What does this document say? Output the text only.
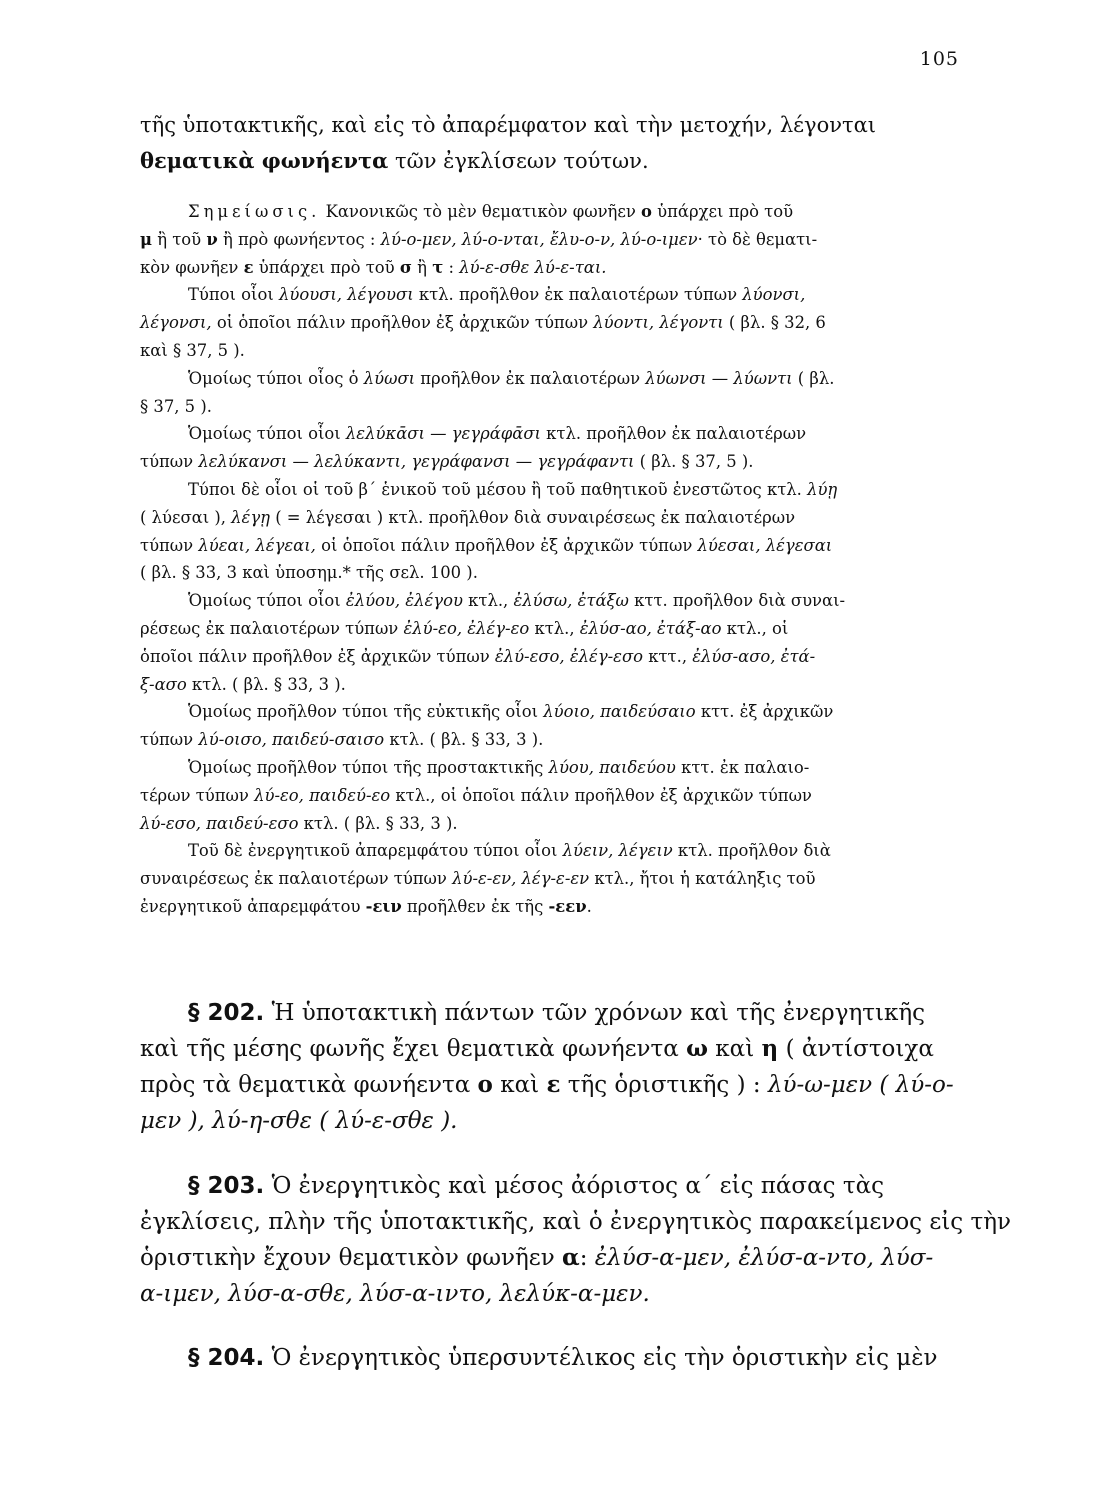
105
τῆς ὑποτακτικῆς, καὶ εἰς τὸ ἀπαρέμφατον καὶ τὴν μετοχήν, λέγονται
θεματικὰ φωνήεντα τῶν ἐγκλίσεων τούτων.
Σημείωσις. Κανονικῶς τὸ μὲν θεματικὸν φωνῆεν ο ὑπάρχει πρὸ τοῦ
μ ἢ τοῦ ν ἢ πρὸ φωνήεντος : λύ-ο-μεν, λύ-ο-νται, ἔλυ-ο-ν, λύ-ο-ιμεν· τὸ δὲ θεματι-
κὸν φωνῆεν ε ὑπάρχει πρὸ τοῦ σ ἢ τ : λύ-ε-σθε λύ-ε-ται.
Τύποι οἷοι λύουσι, λέγουσι κτλ. προῆλθον ἐκ παλαιοτέρων τύπων λύονσι,
λέγονσι, οἱ ὁποῖοι πάλιν προῆλθον ἐξ ἀρχικῶν τύπων λύοντι, λέγοντι ( βλ. § 32, 6
καὶ § 37, 5 ).
Ὁμοίως τύποι οἷος ὁ λύωσι προῆλθον ἐκ παλαιοτέρων λύωνσι — λύωντι ( βλ.
§ 37, 5 ).
Ὁμοίως τύποι οἷοι λελύκᾱσι — γεγράφᾱσι κτλ. προῆλθον ἐκ παλαιοτέρων
τύπων λελύκανσι — λελύκαντι, γεγράφανσι — γεγράφαντι ( βλ. § 37, 5 ).
Τύποι δὲ οἷοι οἱ τοῦ β΄ ἑνικοῦ τοῦ μέσου ἢ τοῦ παθητικοῦ ἐνεστῶτος κτλ. λύῃ
( λύεσαι ), λέγῃ ( = λέγεσαι ) κτλ. προῆλθον διὰ συναιρέσεως ἐκ παλαιοτέρων
τύπων λύεαι, λέγεαι, οἱ ὁποῖοι πάλιν προῆλθον ἐξ ἀρχικῶν τύπων λύεσαι, λέγεσαι
( βλ. § 33, 3 καὶ ὑποσημ.* τῆς σελ. 100 ).
Ὁμοίως τύποι οἷοι ἐλύου, ἐλέγου κτλ., ἐλύσω, ἐτάξω κττ. προῆλθον διὰ συναι-
ρέσεως ἐκ παλαιοτέρων τύπων ἐλύ-εο, ἐλέγ-εο κτλ., ἐλύσ-αο, ἐτάξ-αο κτλ., οἱ
ὁποῖοι πάλιν προῆλθον ἐξ ἀρχικῶν τύπων ἐλύ-εσο, ἐλέγ-εσο κττ., ἐλύσ-ασο, ἐτά-
ξ-ασο κτλ. ( βλ. § 33, 3 ).
Ὁμοίως προῆλθον τύποι τῆς εὐκτικῆς οἷοι λύοιο, παιδεύσαιο κττ. ἐξ ἀρχικῶν
τύπων λύ-οισο, παιδεύ-σαισο κτλ. ( βλ. § 33, 3 ).
Ὁμοίως προῆλθον τύποι τῆς προστακτικῆς λύου, παιδεύου κττ. ἐκ παλαιο-
τέρων τύπων λύ-εο, παιδεύ-εο κτλ., οἱ ὁποῖοι πάλιν προῆλθον ἐξ ἀρχικῶν τύπων
λύ-εσο, παιδεύ-εσο κτλ. ( βλ. § 33, 3 ).
Τοῦ δὲ ἐνεργητικοῦ ἀπαρεμφάτου τύποι οἷοι λύειν, λέγειν κτλ. προῆλθον διὰ
συναιρέσεως ἐκ παλαιοτέρων τύπων λύ-ε-εν, λέγ-ε-εν κτλ., ἤτοι ἡ κατάληξις τοῦ
ἐνεργητικοῦ ἀπαρεμφάτου -ειν προῆλθεν ἐκ τῆς -εεν.
§ 202. Ἡ ὑποτακτικὴ πάντων τῶν χρόνων καὶ τῆς ἐνεργητικῆς
καὶ τῆς μέσης φωνῆς ἔχει θεματικὰ φωνήεντα ω καὶ η ( ἀντίστοιχα
πρὸς τὰ θεματικὰ φωνήεντα ο καὶ ε τῆς ὁριστικῆς ) : λύ-ω-μεν ( λύ-ο-
μεν ), λύ-η-σθε ( λύ-ε-σθε ).
§ 203. Ὁ ἐνεργητικὸς καὶ μέσος ἀόριστος α΄ εἰς πάσας τὰς
ἐγκλίσεις, πλὴν τῆς ὑποτακτικῆς, καὶ ὁ ἐνεργητικὸς παρακείμενος εἰς τὴν
ὁριστικὴν ἔχουν θεματικὸν φωνῆεν α: ἐλύσ-α-μεν, ἐλύσ-α-ντο, λύσ-
α-ιμεν, λύσ-α-σθε, λύσ-α-ιντο, λελύκ-α-μεν.
§ 204. Ὁ ἐνεργητικὸς ὑπερσυντέλικος εἰς τὴν ὁριστικὴν εἰς μὲν
